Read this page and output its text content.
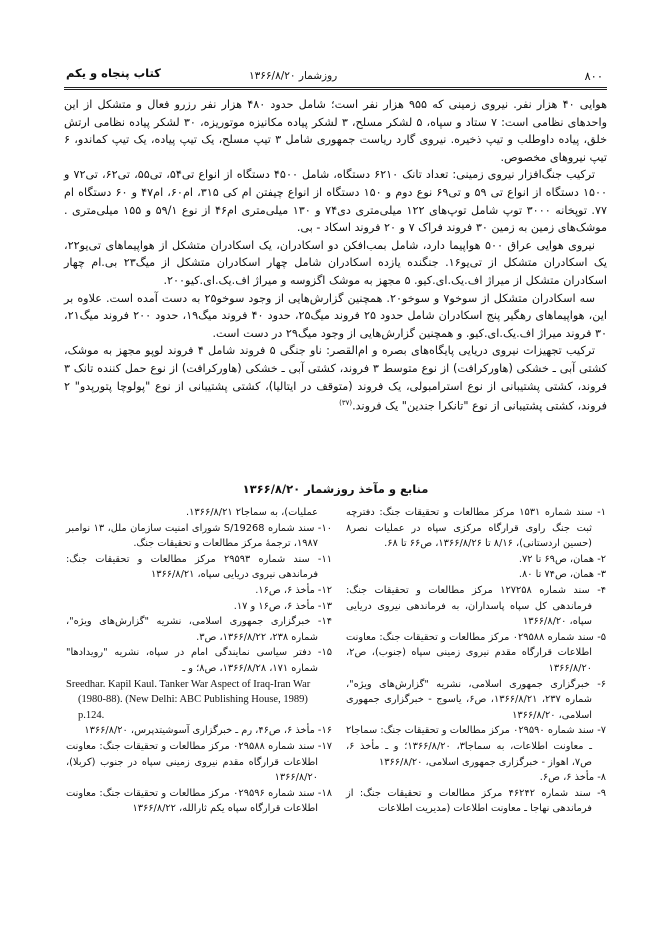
کتاب پنجاه و یکم	روزشمار ۱۳۶۶/۸/۲۰	۸۰۰

هوایی ۴۰ هزار نفر. نیروی زمینی که ۹۵۵ هزار نفر است؛ شامل حدود ۴۸۰ هزار نفر رزرو فعال و متشکل از این واحدهای نظامی است: ۷ ستاد و سپاه، ۵ لشکر مسلح، ۳ لشکر پیاده مکانیزه موتوریزه، ۳۰ لشکر پیاده نظامی ارتش خلق، پیاده داوطلب و تیپ ذخیره. نیروی گارد ریاست جمهوری شامل ۳ تیپ مسلح، یک تیپ پیاده، یک تیپ کماندو، ۶ تیپ نیروهای مخصوص.

ترکیب جنگ‌افزار نیروی زمینی: تعداد تانک ۶۲۱۰ دستگاه، شامل ۴۵۰۰ دستگاه از انواع تی۵۴، تی۵۵، تی۶۲، تی۷۲ و ۱۵۰۰ دستگاه از انواع تی ۵۹ و تی۶۹ نوع دوم و ۱۵۰ دستگاه از انواع چیفتن ام کی ۳۱۵، ام۶۰، ام۴۷ و ۶۰ دستگاه ام ۷۷. توپخانه ۳۰۰۰ توپ شامل توپ‌های ۱۲۲ میلی‌متری دی۷۴ و ۱۳۰ میلی‌متری ام۴۶ از نوع ۵۹/۱ و ۱۵۵ میلی‌متری . موشک‌های زمین به زمین ۳۰ فروند فراک ۷ و ۲۰ فروند اسکاد - بی.

نیروی هوایی عراق ۵۰۰ هواپیما دارد، شامل بمب‌افکن دو اسکادران، یک اسکادران متشکل از هواپیماهای تی‌یو۲۲، یک اسکادران متشکل از تی‌یو۱۶. جنگنده یازده اسکادران شامل چهار اسکادران متشکل از میگ۲۳ بی.ام چهار اسکادران متشکل از میراژ اف.یک.ای.کیو. ۵ مجهز به موشک اگزوسه و میراژ اف.یک.ای.کیو۲۰۰.

سه اسکادران متشکل از سوخو۷ و سوخو۲۰. همچنین گزارش‌هایی از وجود سوخو۲۵ به دست آمده است. علاوه بر این، هواپیماهای رهگیر پنج اسکادران شامل حدود ۲۵ فروند میگ۲۵، حدود ۴۰ فروند میگ۱۹، حدود ۲۰۰ فروند میگ۲۱، ۳۰ فروند میراژ اف.یک.ای.کیو. و همچنین گزارش‌هایی از وجود میگ۲۹ در دست است.

ترکیب تجهیزات نیروی دریایی پایگاه‌های بصره و ام‌القصر: ناو جنگی ۵ فروند شامل ۴ فروند لوپو مجهز به موشک، کشتی آبی ـ خشکی (هاورکرافت) از نوع متوسط ۳ فروند، کشتی آبی ـ خشکی (هاورکرافت) از نوع حمل کننده تانک ۳ فروند، کشتی پشتیبانی از نوع استرامبولی، یک فروند (متوقف در ایتالیا)، کشتی پشتیبانی از نوع "پولوچا پتورپدو" ۲ فروند، کشتی پشتیبانی از نوع "تانکرا جندین" یک فروند.$^{(۳۷)}$

منابع و مآخذ روزشمار ۱۳۶۶/۸/۲۰

۱- سند شماره ۱۵۳۱ مرکز مطالعات و تحقیقات جنگ: دفترچه ثبت جنگ راوی قرارگاه مرکزی سپاه در عملیات نصر۸ (حسین اردستانی)، ۸/۱۶ تا ۱۳۶۶/۸/۲۶، ص۶۶ تا ۶۸.

۲- همان، ص۶۹ تا ۷۲.

۳- همان، ص۷۴ تا ۸۰.

۴- سند شماره ۱۲۷۲۵۸ مرکز مطالعات و تحقیقات جنگ: فرماندهی کل سپاه پاسداران، به فرماندهی نیروی دریایی سپاه، ۱۳۶۶/۸/۲۰

۵- سند شماره ۰۲۹۵۸۸ مرکز مطالعات و تحقیقات جنگ: معاونت اطلاعات قرارگاه مقدم نیروی زمینی سپاه (جنوب)، ص۲، ۱۳۶۶/۸/۲۰

۶- خبرگزاری جمهوری اسلامی، نشریه "گزارش‌های ویژه"، شماره ۲۳۷، ۱۳۶۶/۸/۲۱، ص۶، یاسوج - خبرگزاری جمهوری اسلامی، ۱۳۶۶/۸/۲۰

۷- سند شماره ۰۲۹۵۹۰ مرکز مطالعات و تحقیقات جنگ: سماجا۲ ـ معاونت اطلاعات، به سماجا۳، ۱۳۶۶/۸/۲۰؛ و ـ مأخذ ۶، ص۷، اهواز - خبرگزاری جمهوری اسلامی، ۱۳۶۶/۸/۲۰

۸- مأخذ ۶، ص۶.

۹- سند شماره ۴۶۲۴۲ مرکز مطالعات و تحقیقات جنگ: از فرماندهی نهاجا ـ معاونت اطلاعات (مدیریت اطلاعات

عملیات)، به سماجا۲ ۱۳۶۶/۸/۲۱.

۱۰- سند شماره S/19268 شورای امنیت سازمان ملل، ۱۳ نوامبر ۱۹۸۷، ترجمهٔ مرکز مطالعات و تحقیقات جنگ.

۱۱- سند شماره ۲۹۵۹۳ مرکز مطالعات و تحقیقات جنگ: فرماندهی نیروی دریایی سپاه، ۱۳۶۶/۸/۲۱

۱۲- مأخذ ۶، ص۱۶.

۱۳- مأخذ ۶، ص۱۶ و ۱۷.

۱۴- خبرگزاری جمهوری اسلامی، نشریه "گزارش‌های ویژه"، شماره ۲۳۸، ۱۳۶۶/۸/۲۲، ص۳.

۱۵- دفتر سیاسی نمایندگی امام در سپاه، نشریه "رویدادها" شماره ۱۷۱، ۱۳۶۶/۸/۲۸، ص۸؛ و ـ

Sreedhar. Kapil Kaul. Tanker War Aspect of Iraq-Iran War (1980-88). (New Delhi: ABC Publishing House, 1989) p.124.

۱۶- مأخذ ۶، ص۴۶، رم ـ خبرگزاری آسوشیتدپرس، ۱۳۶۶/۸/۲۰

۱۷- سند شماره ۰۲۹۵۸۸ مرکز مطالعات و تحقیقات جنگ: معاونت اطلاعات قرارگاه مقدم نیروی زمینی سپاه در جنوب (کربلا)، ۱۳۶۶/۸/۲۰

۱۸- سند شماره ۰۲۹۵۹۶ مرکز مطالعات و تحقیقات جنگ: معاونت اطلاعات قرارگاه سپاه یکم ثارالله، ۱۳۶۶/۸/۲۲
